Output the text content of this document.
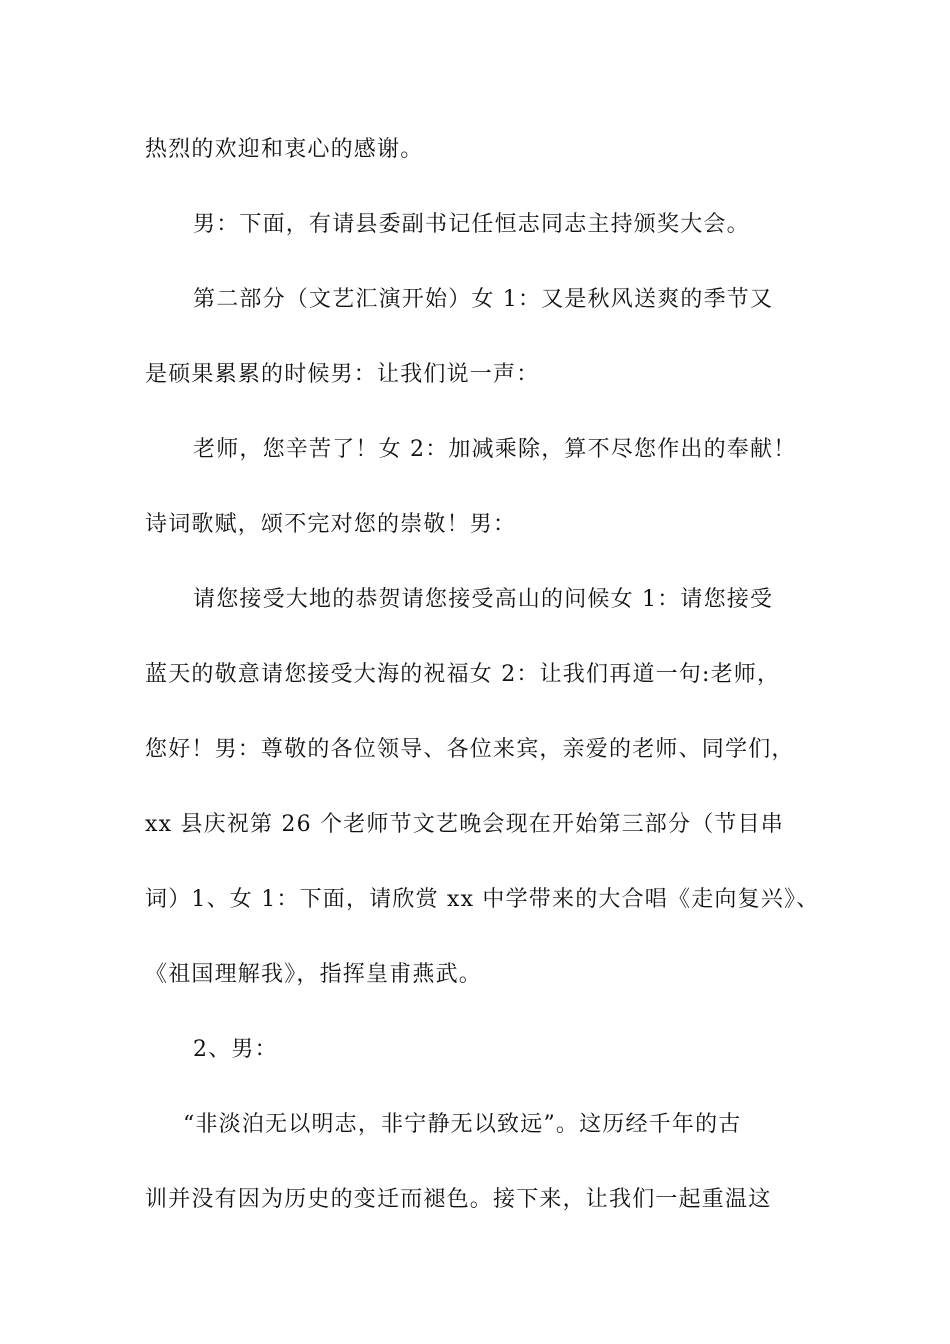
热烈的欢迎和衷心的感谢。
男：下面，有请县委副书记任恒志同志主持颁奖大会。
第二部分（文艺汇演开始）女 1：又是秋风送爽的季节又
是硕果累累的时候男：让我们说一声：
老师，您辛苦了！女 2：加减乘除，算不尽您作出的奉献！
诗词歌赋，颂不完对您的崇敬！男：
请您接受大地的恭贺请您接受高山的问候女 1：请您接受
蓝天的敬意请您接受大海的祝福女 2：让我们再道一句:老师，
您好！男：尊敬的各位领导、各位来宾，亲爱的老师、同学们，
xx 县庆祝第 26 个老师节文艺晚会现在开始第三部分（节目串
词）1、女 1：下面，请欣赏 xx 中学带来的大合唱《走向复兴》、
《祖国理解我》，指挥皇甫燕武。
2、男：
“非淡泊无以明志，非宁静无以致远”。这历经千年的古
训并没有因为历史的变迁而褪色。接下来，让我们一起重温这
